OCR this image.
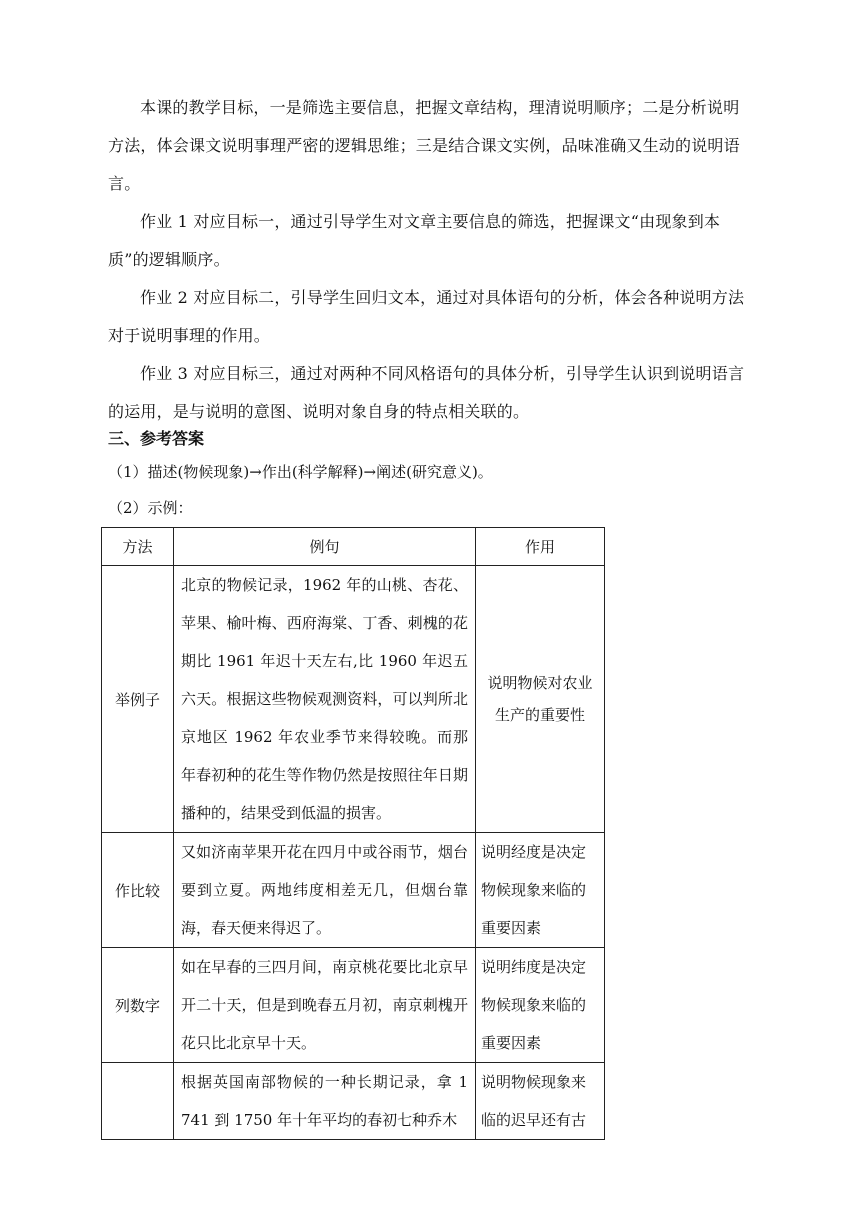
本课的教学目标，一是筛选主要信息，把握文章结构，理清说明顺序；二是分析说明方法，体会课文说明事理严密的逻辑思维；三是结合课文实例，品味准确又生动的说明语言。

作业 1 对应目标一，通过引导学生对文章主要信息的筛选，把握课文“由现象到本质”的逻辑顺序。

作业 2 对应目标二，引导学生回归文本，通过对具体语句的分析，体会各种说明方法对于说明事理的作用。

作业 3 对应目标三，通过对两种不同风格语句的具体分析，引导学生认识到说明语言的运用，是与说明的意图、说明对象自身的特点相关联的。

三、参考答案

（1）描述(物候现象)→作出(科学解释)→阐述(研究意义)。

（2）示例：

方法	例句	作用
举例子	北京的物候记录，1962 年的山桃、杏花、苹果、榆叶梅、西府海棠、丁香、刺槐的花期比 1961 年迟十天左右,比 1960 年迟五六天。根据这些物候观测资料，可以判所北京地区 1962 年农业季节来得较晚。而那年春初种的花生等作物仍然是按照往年日期播种的，结果受到低温的损害。	说明物候对农业生产的重要性
作比较	又如济南苹果开花在四月中或谷雨节，烟台要到立夏。两地纬度相差无几，但烟台靠海，春天便来得迟了。	说明经度是决定物候现象来临的重要因素
列数字	如在早春的三四月间，南京桃花要比北京早开二十天，但是到晚春五月初，南京刺槐开花只比北京早十天。	说明纬度是决定物候现象来临的重要因素
	根据英国南部物候的一种长期记录，拿 1 741 到 1750 年十年平均的春初七种乔木	说明物候现象来临的迟早还有古
